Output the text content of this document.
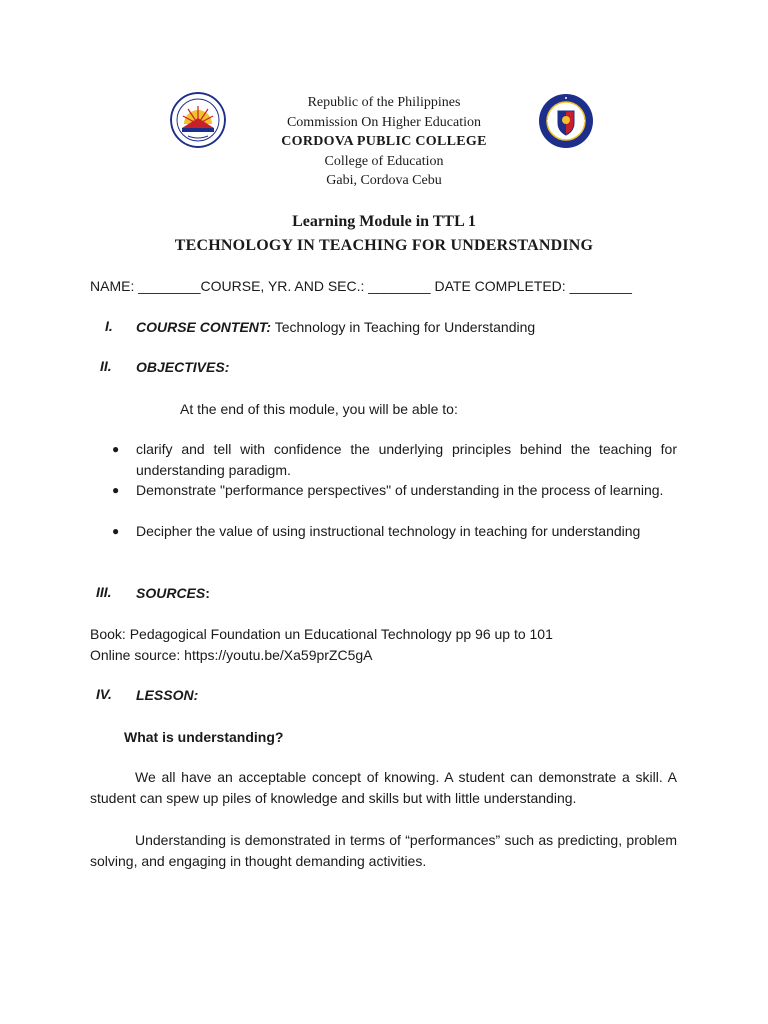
Republic of the Philippines
Commission On Higher Education
CORDOVA PUBLIC COLLEGE
College of Education
Gabi, Cordova Cebu
Learning Module in TTL 1
TECHNOLOGY IN TEACHING FOR UNDERSTANDING
NAME: ________COURSE, YR. AND SEC.: ________ DATE COMPLETED: ________
I. COURSE CONTENT: Technology in Teaching for Understanding
II. OBJECTIVES:
At the end of this module, you will be able to:
● clarify and tell with confidence the underlying principles behind the teaching for understanding paradigm.
● Demonstrate "performance perspectives" of understanding in the process of learning.
● Decipher the value of using instructional technology in teaching for understanding
III. SOURCES:
Book: Pedagogical Foundation un Educational Technology pp 96 up to 101
Online source: https://youtu.be/Xa59prZC5gA
IV. LESSON:
What is understanding?
We all have an acceptable concept of knowing. A student can demonstrate a skill. A student can spew up piles of knowledge and skills but with little understanding.
Understanding is demonstrated in terms of “performances” such as predicting, problem solving, and engaging in thought demanding activities.
